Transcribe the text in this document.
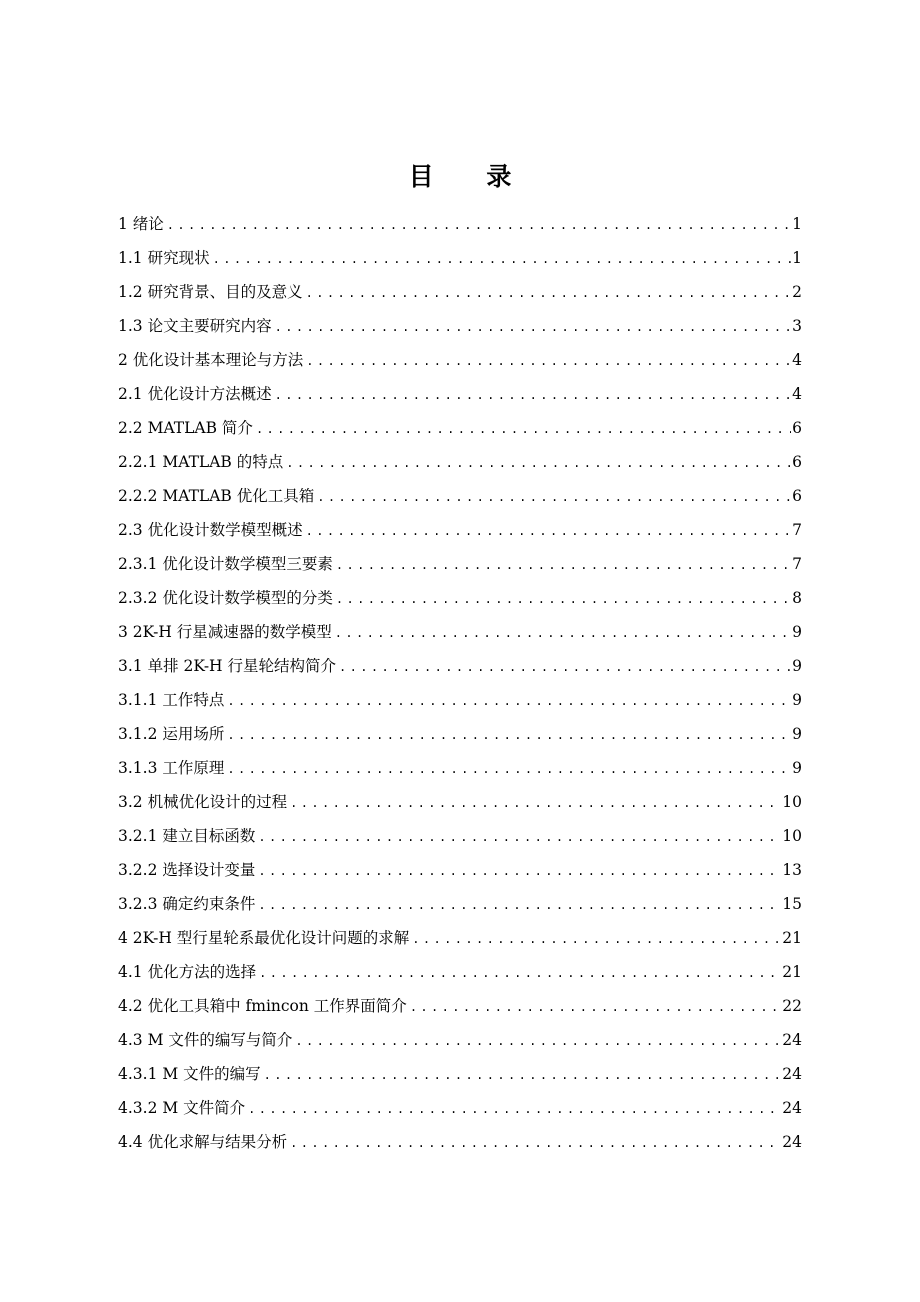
目 录
1 绪论 .....	1
1.1 研究现状 .....	1
1.2 研究背景、目的及意义 .....	2
1.3 论文主要研究内容 .....	3
2 优化设计基本理论与方法 .....	4
2.1 优化设计方法概述 .....	4
2.2 MATLAB 简介 .....	6
2.2.1 MATLAB 的特点 .....	6
2.2.2 MATLAB 优化工具箱 .....	6
2.3 优化设计数学模型概述 .....	7
2.3.1 优化设计数学模型三要素 .....	7
2.3.2 优化设计数学模型的分类 .....	8
3 2K-H 行星减速器的数学模型 .....	9
3.1 单排 2K-H 行星轮结构简介 .....	9
3.1.1 工作特点 .....	9
3.1.2 运用场所 .....	9
3.1.3 工作原理 .....	9
3.2 机械优化设计的过程 .....	10
3.2.1 建立目标函数 .....	10
3.2.2 选择设计变量 .....	13
3.2.3 确定约束条件 .....	15
4 2K-H 型行星轮系最优化设计问题的求解 .....	21
4.1 优化方法的选择 .....	21
4.2 优化工具箱中 fmincon 工作界面简介 .....	22
4.3 M 文件的编写与简介 .....	24
4.3.1 M 文件的编写 .....	24
4.3.2 M 文件简介 .....	24
4.4 优化求解与结果分析 .....	24
